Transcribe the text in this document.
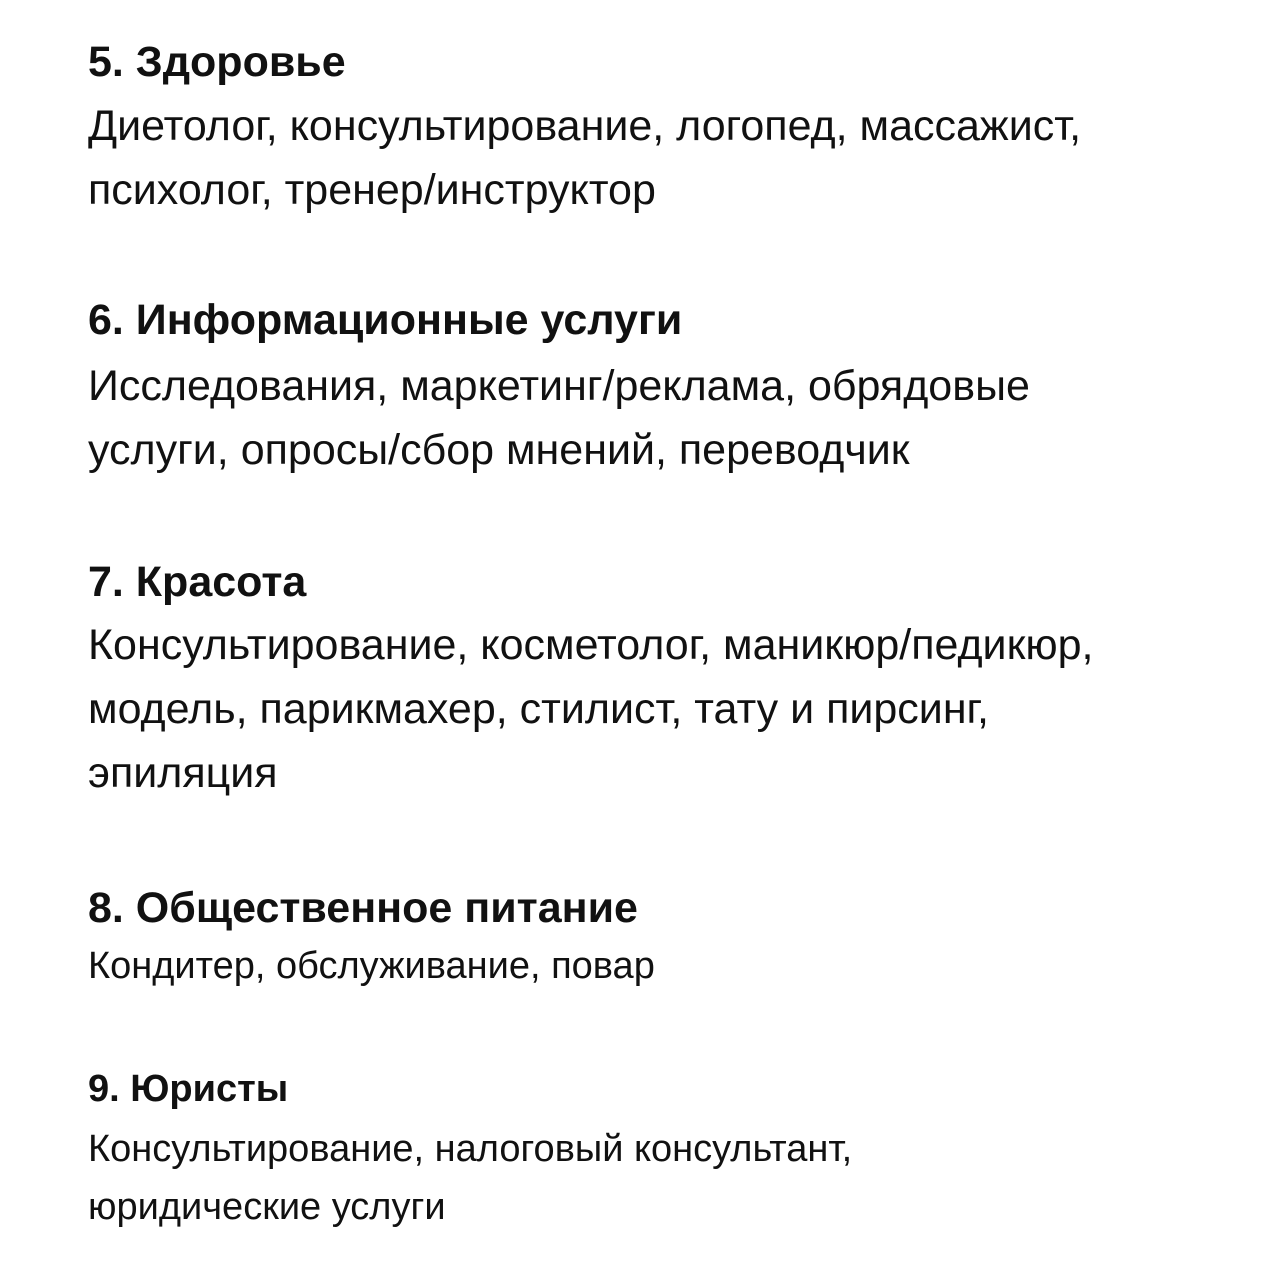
5. Здоровье

Диетолог, консультирование, логопед, массажист,
психолог, тренер/инструктор

6. Информационные услуги

Исследования, маркетинг/реклама, обрядовые
услуги, опросы/сбор мнений, переводчик

7. Красота

Консультирование, косметолог, маникюр/педикюр,
модель, парикмахер, стилист, тату и пирсинг,
эпиляция

8. Общественное питание

Кондитер, обслуживание, повар

9. Юристы

Консультирование, налоговый консультант,
юридические услуги
